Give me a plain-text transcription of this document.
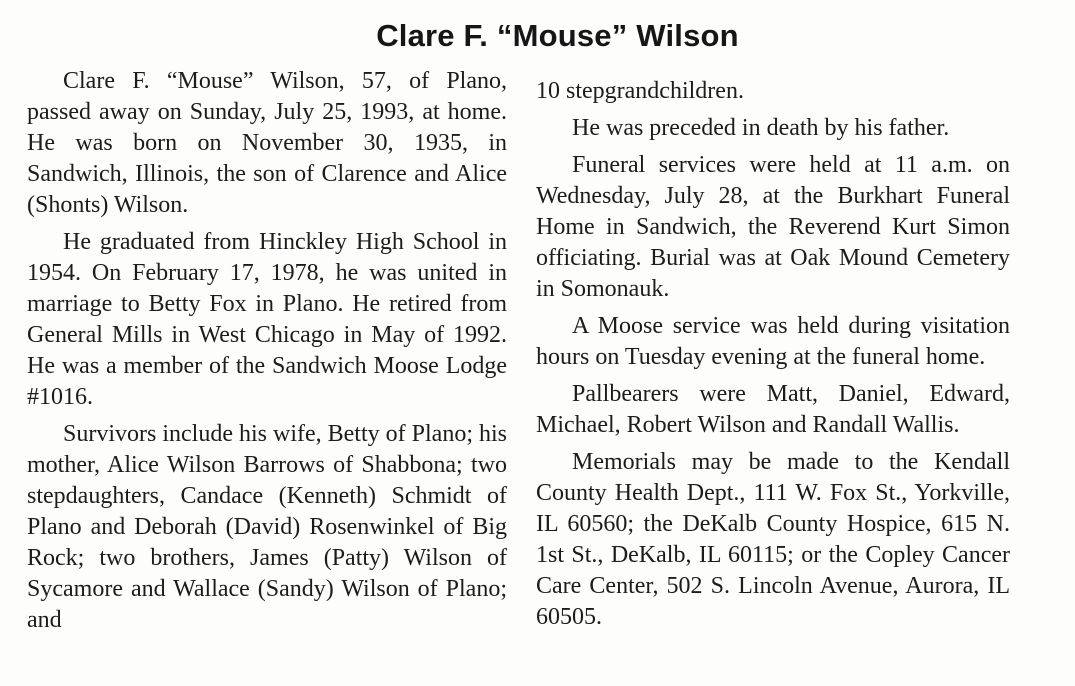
Clare F. “Mouse” Wilson

Clare F. “Mouse” Wilson, 57, of Plano, passed away on Sunday, July 25, 1993, at home. He was born on November 30, 1935, in Sandwich, Illinois, the son of Clarence and Alice (Shonts) Wilson.

He graduated from Hinckley High School in 1954. On February 17, 1978, he was united in marriage to Betty Fox in Plano. He retired from General Mills in West Chicago in May of 1992. He was a member of the Sandwich Moose Lodge #1016.

Survivors include his wife, Betty of Plano; his mother, Alice Wilson Barrows of Shabbona; two stepdaughters, Candace (Kenneth) Schmidt of Plano and Deborah (David) Rosenwinkel of Big Rock; two brothers, James (Patty) Wilson of Sycamore and Wallace (Sandy) Wilson of Plano; and

10 stepgrandchildren.

He was preceded in death by his father.

Funeral services were held at 11 a.m. on Wednesday, July 28, at the Burkhart Funeral Home in Sandwich, the Reverend Kurt Simon officiating. Burial was at Oak Mound Cemetery in Somonauk.

A Moose service was held during visitation hours on Tuesday evening at the funeral home.

Pallbearers were Matt, Daniel, Edward, Michael, Robert Wilson and Randall Wallis.

Memorials may be made to the Kendall County Health Dept., 111 W. Fox St., Yorkville, IL 60560; the DeKalb County Hospice, 615 N. 1st St., DeKalb, IL 60115; or the Copley Cancer Care Center, 502 S. Lincoln Avenue, Aurora, IL 60505.
